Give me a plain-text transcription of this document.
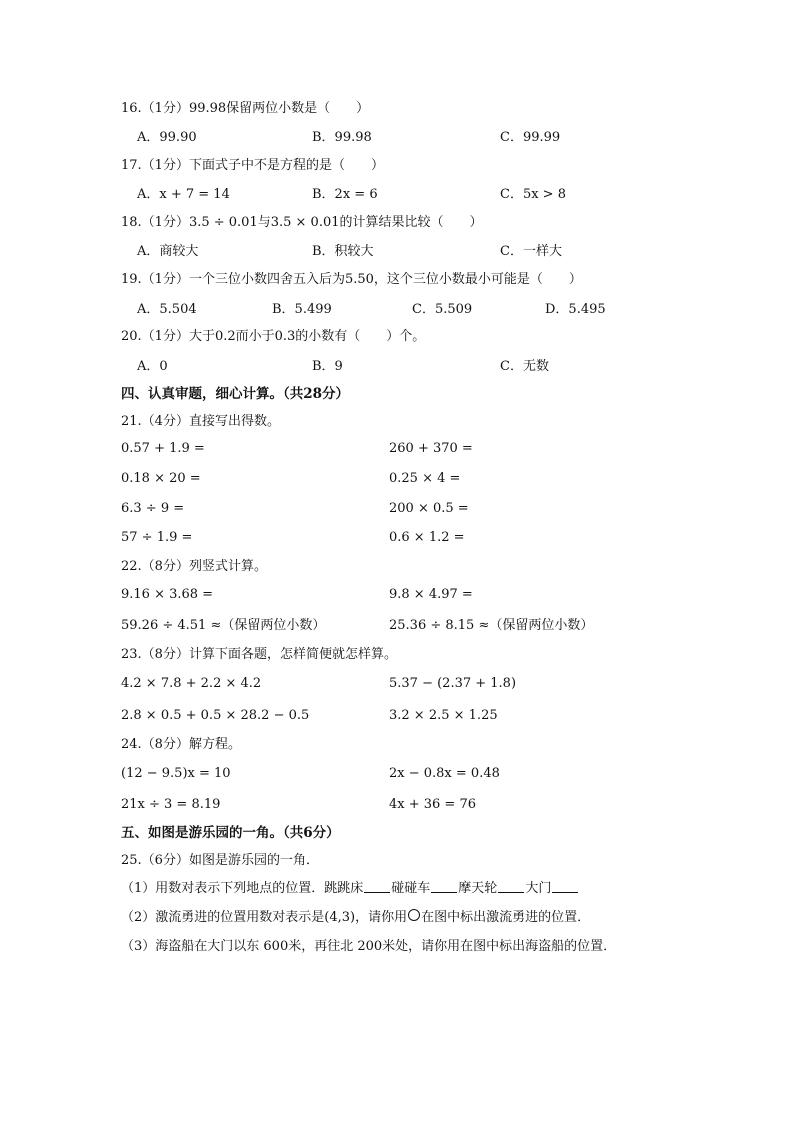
16.（1分）99.98保留两位小数是（　　）
A．99.90	B．99.98	C．99.99
17.（1分）下面式子中不是方程的是（　　）
A．x + 7 = 14	B．2x = 6	C．5x > 8
18.（1分）3.5 ÷ 0.01与3.5 × 0.01的计算结果比较（　　）
A．商较大	B．积较大	C．一样大
19.（1分）一个三位小数四舍五入后为5.50，这个三位小数最小可能是（　　）
A．5.504	B．5.499	C．5.509	D．5.495
20.（1分）大于0.2而小于0.3的小数有（　　）个。
A．0	B．9	C．无数
四、认真审题，细心计算。（共28分）
21.（4分）直接写出得数。
0.57 + 1.9 =	260 + 370 =
0.18 × 20 =	0.25 × 4 =
6.3 ÷ 9 =	200 × 0.5 =
57 ÷ 1.9 =	0.6 × 1.2 =
22.（8分）列竖式计算。
9.16 × 3.68 =	9.8 × 4.97 =
59.26 ÷ 4.51 ≈（保留两位小数）	25.36 ÷ 8.15 ≈（保留两位小数）
23.（8分）计算下面各题，怎样简便就怎样算。
4.2 × 7.8 + 2.2 × 4.2	5.37 − (2.37 + 1.8)
2.8 × 0.5 + 0.5 × 28.2 − 0.5	3.2 × 2.5 × 1.25
24.（8分）解方程。
(12 − 9.5)x = 10	2x − 0.8x = 0.48
21x ÷ 3 = 8.19	4x + 36 = 76
五、如图是游乐园的一角。（共6分）
25.（6分）如图是游乐园的一角．
（1）用数对表示下列地点的位置．跳跳床 碰碰车 摩天轮 大门
（2）激流勇进的位置用数对表示是(4,3)，请你用 在图中标出激流勇进的位置．
（3）海盗船在大门以东 600米，再往北 200米处，请你用在图中标出海盗船的位置．
